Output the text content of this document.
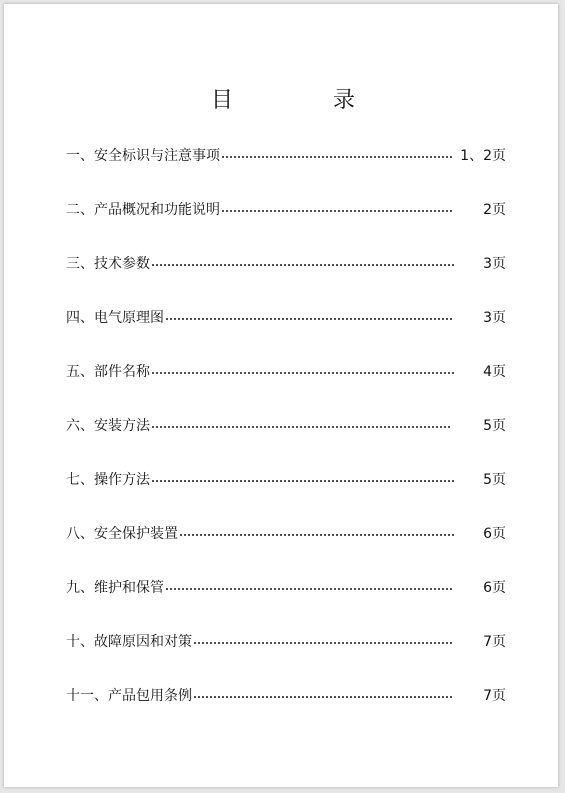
目	录
一、安全标识与注意事项	1、2页
二、产品概况和功能说明	2页
三、技术参数	3页
四、电气原理图	3页
五、部件名称	4页
六、安装方法	5页
七、操作方法	5页
八、安全保护装置	6页
九、维护和保管	6页
十、故障原因和对策	7页
十一、产品包用条例	7页
